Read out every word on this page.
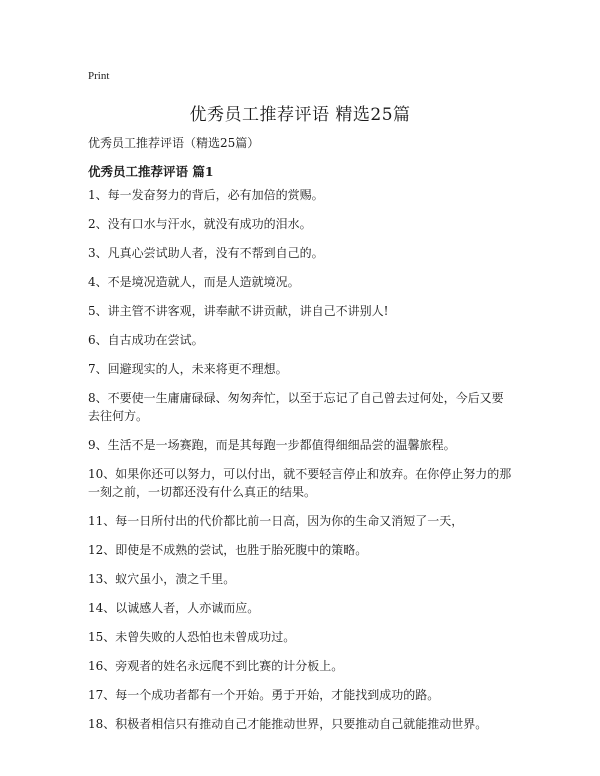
Print
优秀员工推荐评语 精选25篇
优秀员工推荐评语（精选25篇）
优秀员工推荐评语 篇1
1、每一发奋努力的背后，必有加倍的赏赐。
2、没有口水与汗水，就没有成功的泪水。
3、凡真心尝试助人者，没有不帮到自己的。
4、不是境况造就人，而是人造就境况。
5、讲主管不讲客观，讲奉献不讲贡献，讲自己不讲别人!
6、自古成功在尝试。
7、回避现实的人，未来将更不理想。
8、不要使一生庸庸碌碌、匆匆奔忙，以至于忘记了自己曾去过何处，今后又要去往何方。
9、生活不是一场赛跑，而是其每跑一步都值得细细品尝的温馨旅程。
10、如果你还可以努力，可以付出，就不要轻言停止和放弃。在你停止努力的那一刻之前，一切都还没有什么真正的结果。
11、每一日所付出的代价都比前一日高，因为你的生命又消短了一天，
12、即使是不成熟的尝试，也胜于胎死腹中的策略。
13、蚁穴虽小，溃之千里。
14、以诚感人者，人亦诚而应。
15、未曾失败的人恐怕也未曾成功过。
16、旁观者的姓名永远爬不到比赛的计分板上。
17、每一个成功者都有一个开始。勇于开始，才能找到成功的路。
18、积极者相信只有推动自己才能推动世界，只要推动自己就能推动世界。
